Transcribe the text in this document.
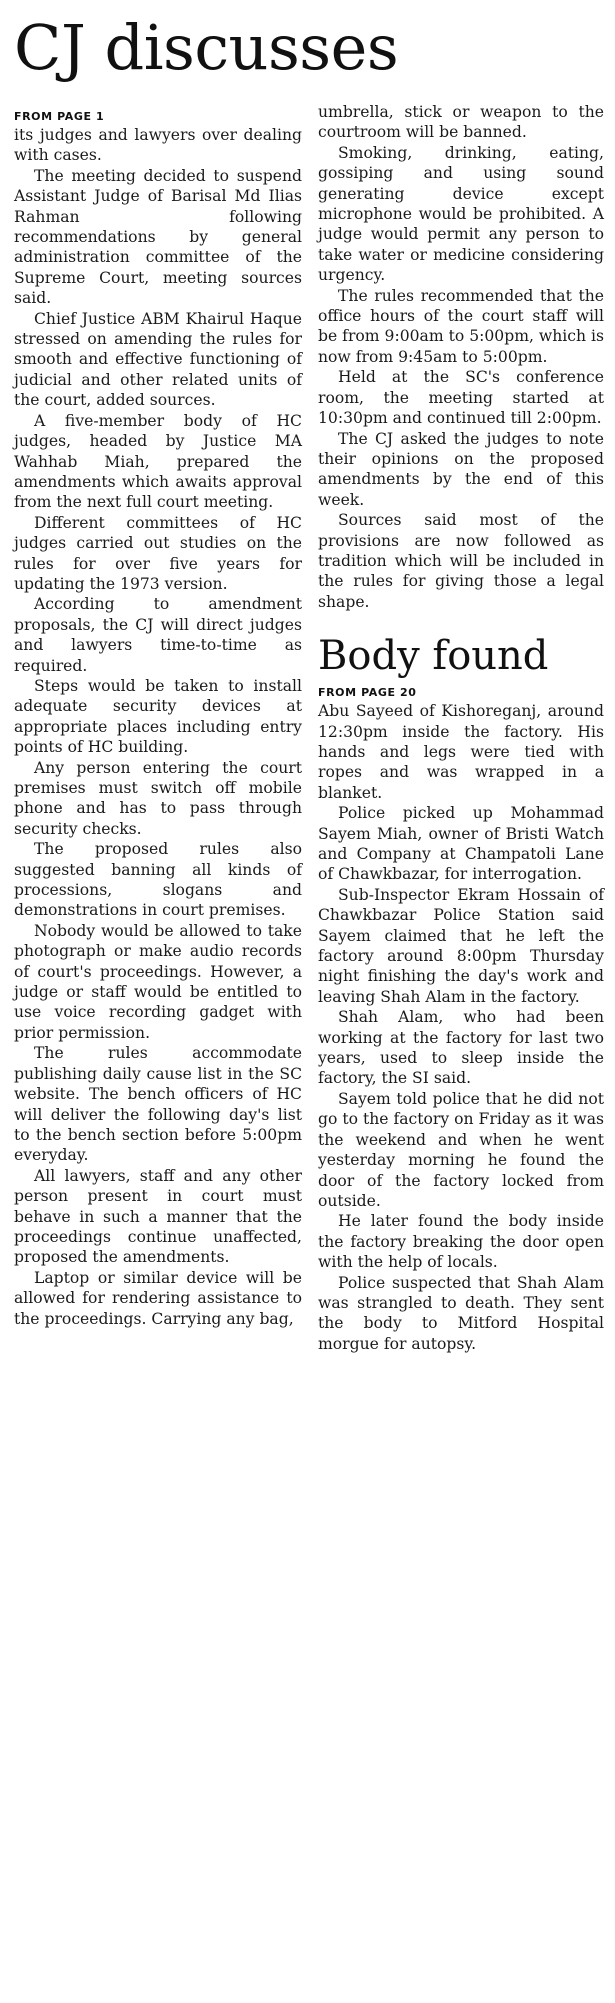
CJ discusses
FROM PAGE 1

its judges and lawyers over dealing with cases.

The meeting decided to suspend Assistant Judge of Barisal Md Ilias Rahman following recommendations by general administration committee of the Supreme Court, meeting sources said.

Chief Justice ABM Khairul Haque stressed on amending the rules for smooth and effective functioning of judicial and other related units of the court, added sources.

A five-member body of HC judges, headed by Justice MA Wahhab Miah, prepared the amendments which awaits approval from the next full court meeting.

Different committees of HC judges carried out studies on the rules for over five years for updating the 1973 version.

According to amendment proposals, the CJ will direct judges and lawyers time-to-time as required.

Steps would be taken to install adequate security devices at appropriate places including entry points of HC building.

Any person entering the court premises must switch off mobile phone and has to pass through security checks.

The proposed rules also suggested banning all kinds of processions, slogans and demonstrations in court premises.

Nobody would be allowed to take photograph or make audio records of court's proceedings. However, a judge or staff would be entitled to use voice recording gadget with prior permission.

The rules accommodate publishing daily cause list in the SC website. The bench officers of HC will deliver the following day's list to the bench section before 5:00pm everyday.

All lawyers, staff and any other person present in court must behave in such a manner that the proceedings continue unaffected, proposed the amendments.

Laptop or similar device will be allowed for rendering assistance to the proceedings. Carrying any bag,

umbrella, stick or weapon to the courtroom will be banned.

Smoking, drinking, eating, gossiping and using sound generating device except microphone would be prohibited. A judge would permit any person to take water or medicine considering urgency.

The rules recommended that the office hours of the court staff will be from 9:00am to 5:00pm, which is now from 9:45am to 5:00pm.

Held at the SC's conference room, the meeting started at 10:30pm and continued till 2:00pm.

The CJ asked the judges to note their opinions on the proposed amendments by the end of this week.

Sources said most of the provisions are now followed as tradition which will be included in the rules for giving those a legal shape.

Body found
FROM PAGE 20

Abu Sayeed of Kishoreganj, around 12:30pm inside the factory. His hands and legs were tied with ropes and was wrapped in a blanket.

Police picked up Mohammad Sayem Miah, owner of Bristi Watch and Company at Champatoli Lane of Chawkbazar, for interrogation.

Sub-Inspector Ekram Hossain of Chawkbazar Police Station said Sayem claimed that he left the factory around 8:00pm Thursday night finishing the day's work and leaving Shah Alam in the factory.

Shah Alam, who had been working at the factory for last two years, used to sleep inside the factory, the SI said.

Sayem told police that he did not go to the factory on Friday as it was the weekend and when he went yesterday morning he found the door of the factory locked from outside.

He later found the body inside the factory breaking the door open with the help of locals.

Police suspected that Shah Alam was strangled to death. They sent the body to Mitford Hospital morgue for autopsy.
